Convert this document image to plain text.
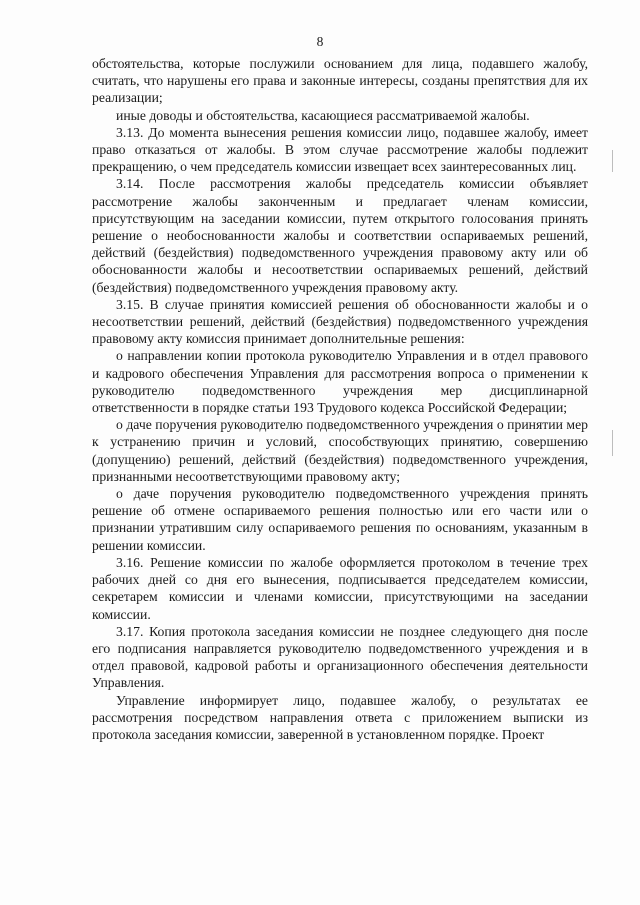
8

обстоятельства, которые послужили основанием для лица, подавшего жалобу, считать, что нарушены его права и законные интересы, созданы препятствия для их реализации;

иные доводы и обстоятельства, касающиеся рассматриваемой жалобы.

3.13. До момента вынесения решения комиссии лицо, подавшее жалобу, имеет право отказаться от жалобы. В этом случае рассмотрение жалобы подлежит прекращению, о чем председатель комиссии извещает всех заинтересованных лиц.

3.14. После рассмотрения жалобы председатель комиссии объявляет рассмотрение жалобы законченным и предлагает членам комиссии, присутствующим на заседании комиссии, путем открытого голосования принять решение о необоснованности жалобы и соответствии оспариваемых решений, действий (бездействия) подведомственного учреждения правовому акту или об обоснованности жалобы и несоответствии оспариваемых решений, действий (бездействия) подведомственного учреждения правовому акту.

3.15. В случае принятия комиссией решения об обоснованности жалобы и о несоответствии решений, действий (бездействия) подведомственного учреждения правовому акту комиссия принимает дополнительные решения:

о направлении копии протокола руководителю Управления и в отдел правового и кадрового обеспечения Управления для рассмотрения вопроса о применении к руководителю подведомственного учреждения мер дисциплинарной ответственности в порядке статьи 193 Трудового кодекса Российской Федерации;

о даче поручения руководителю подведомственного учреждения о принятии мер к устранению причин и условий, способствующих принятию, совершению (допущению) решений, действий (бездействия) подведомственного учреждения, признанными несоответствующими правовому акту;

о даче поручения руководителю подведомственного учреждения принять решение об отмене оспариваемого решения полностью или его части или о признании утратившим силу оспариваемого решения по основаниям, указанным в решении комиссии.

3.16. Решение комиссии по жалобе оформляется протоколом в течение трех рабочих дней со дня его вынесения, подписывается председателем комиссии, секретарем комиссии и членами комиссии, присутствующими на заседании комиссии.

3.17. Копия протокола заседания комиссии не позднее следующего дня после его подписания направляется руководителю подведомственного учреждения и в отдел правовой, кадровой работы и организационного обеспечения деятельности Управления.

Управление информирует лицо, подавшее жалобу, о результатах ее рассмотрения посредством направления ответа с приложением выписки из протокола заседания комиссии, заверенной в установленном порядке. Проект
